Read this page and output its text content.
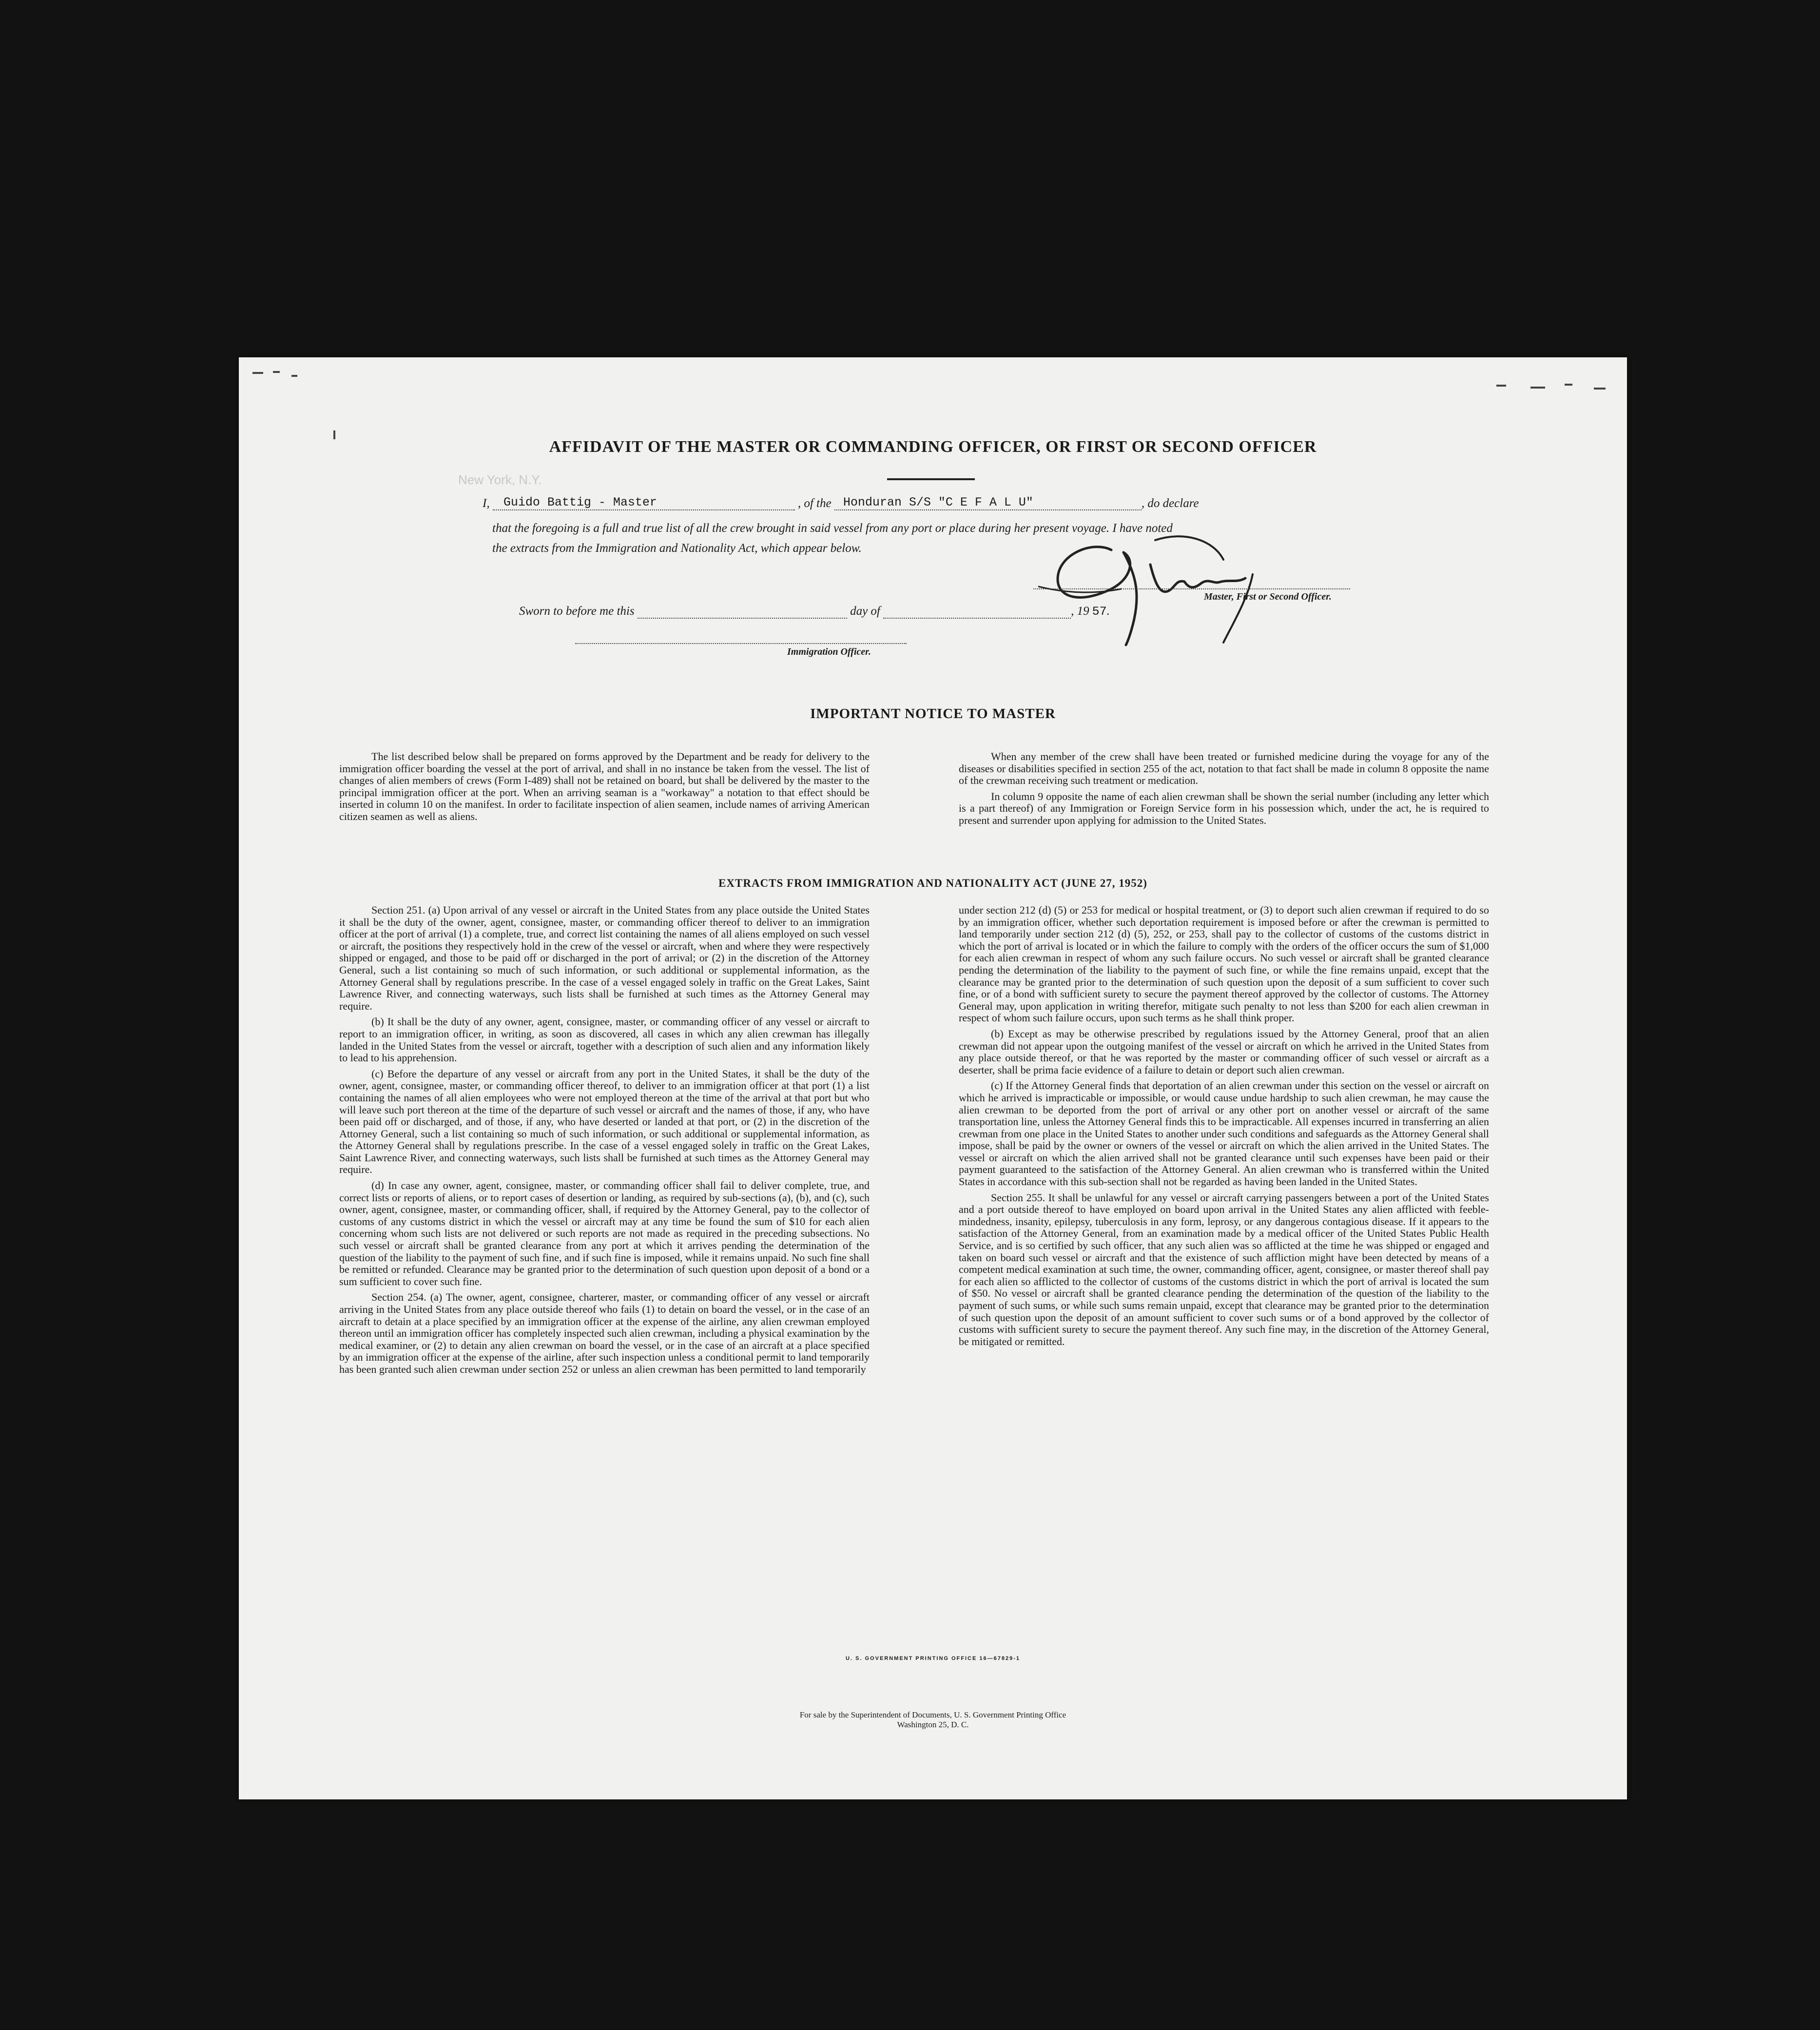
New York, N.Y.
AFFIDAVIT OF THE MASTER OR COMMANDING OFFICER, OR FIRST OR SECOND OFFICER
I, Guido Battig - Master	, of the Honduran S/S "C E F A L U"	, do declare
that the foregoing is a full and true list of all the crew brought in said vessel from any port or place during her present voyage. I have noted
the extracts from the Immigration and Nationality Act, which appear below.
Master, First or Second Officer.
Sworn to before me this	day of	, 19 57.
Immigration Officer.
IMPORTANT NOTICE TO MASTER

The list described below shall be prepared on forms approved by the Department and be ready for delivery to the immigration officer boarding the vessel at the port of arrival, and shall in no instance be taken from the vessel. The list of changes of alien members of crews (Form I-489) shall not be retained on board, but shall be delivered by the master to the principal immigration officer at the port. When an arriving seaman is a "workaway" a notation to that effect should be inserted in column 10 on the manifest. In order to facilitate inspection of alien seamen, include names of arriving American citizen seamen as well as aliens.

When any member of the crew shall have been treated or furnished medicine during the voyage for any of the diseases or disabilities specified in section 255 of the act, notation to that fact shall be made in column 8 opposite the name of the crewman receiving such treatment or medication.

In column 9 opposite the name of each alien crewman shall be shown the serial number (including any letter which is a part thereof) of any Immigration or Foreign Service form in his possession which, under the act, he is required to present and surrender upon applying for admission to the United States.

EXTRACTS FROM IMMIGRATION AND NATIONALITY ACT (JUNE 27, 1952)

Section 251. (a) Upon arrival of any vessel or aircraft in the United States from any place outside the United States it shall be the duty of the owner, agent, consignee, master, or commanding officer thereof to deliver to an immigration officer at the port of arrival (1) a complete, true, and correct list containing the names of all aliens employed on such vessel or aircraft, the positions they respectively hold in the crew of the vessel or aircraft, when and where they were respectively shipped or engaged, and those to be paid off or discharged in the port of arrival; or (2) in the discretion of the Attorney General, such a list containing so much of such information, or such additional or supplemental information, as the Attorney General shall by regulations prescribe. In the case of a vessel engaged solely in traffic on the Great Lakes, Saint Lawrence River, and connecting waterways, such lists shall be furnished at such times as the Attorney General may require.

(b) It shall be the duty of any owner, agent, consignee, master, or commanding officer of any vessel or aircraft to report to an immigration officer, in writing, as soon as discovered, all cases in which any alien crewman has illegally landed in the United States from the vessel or aircraft, together with a description of such alien and any information likely to lead to his apprehension.

(c) Before the departure of any vessel or aircraft from any port in the United States, it shall be the duty of the owner, agent, consignee, master, or commanding officer thereof, to deliver to an immigration officer at that port (1) a list containing the names of all alien employees who were not employed thereon at the time of the arrival at that port but who will leave such port thereon at the time of the departure of such vessel or aircraft and the names of those, if any, who have been paid off or discharged, and of those, if any, who have deserted or landed at that port, or (2) in the discretion of the Attorney General, such a list containing so much of such information, or such additional or supplemental information, as the Attorney General shall by regulations prescribe. In the case of a vessel engaged solely in traffic on the Great Lakes, Saint Lawrence River, and connecting waterways, such lists shall be furnished at such times as the Attorney General may require.

(d) In case any owner, agent, consignee, master, or commanding officer shall fail to deliver complete, true, and correct lists or reports of aliens, or to report cases of desertion or landing, as required by sub-sections (a), (b), and (c), such owner, agent, consignee, master, or commanding officer, shall, if required by the Attorney General, pay to the collector of customs of any customs district in which the vessel or aircraft may at any time be found the sum of $10 for each alien concerning whom such lists are not delivered or such reports are not made as required in the preceding subsections. No such vessel or aircraft shall be granted clearance from any port at which it arrives pending the determination of the question of the liability to the payment of such fine, and if such fine is imposed, while it remains unpaid. No such fine shall be remitted or refunded. Clearance may be granted prior to the determination of such question upon deposit of a bond or a sum sufficient to cover such fine.

Section 254. (a) The owner, agent, consignee, charterer, master, or commanding officer of any vessel or aircraft arriving in the United States from any place outside thereof who fails (1) to detain on board the vessel, or in the case of an aircraft to detain at a place specified by an immigration officer at the expense of the airline, any alien crewman employed thereon until an immigration officer has completely inspected such alien crewman, including a physical examination by the medical examiner, or (2) to detain any alien crewman on board the vessel, or in the case of an aircraft at a place specified by an immigration officer at the expense of the airline, after such inspection unless a conditional permit to land temporarily has been granted such alien crewman under section 252 or unless an alien crewman has been permitted to land temporarily

under section 212 (d) (5) or 253 for medical or hospital treatment, or (3) to deport such alien crewman if required to do so by an immigration officer, whether such deportation requirement is imposed before or after the crewman is permitted to land temporarily under section 212 (d) (5), 252, or 253, shall pay to the collector of customs of the customs district in which the port of arrival is located or in which the failure to comply with the orders of the officer occurs the sum of $1,000 for each alien crewman in respect of whom any such failure occurs. No such vessel or aircraft shall be granted clearance pending the determination of the liability to the payment of such fine, or while the fine remains unpaid, except that the clearance may be granted prior to the determination of such question upon the deposit of a sum sufficient to cover such fine, or of a bond with sufficient surety to secure the payment thereof approved by the collector of customs. The Attorney General may, upon application in writing therefor, mitigate such penalty to not less than $200 for each alien crewman in respect of whom such failure occurs, upon such terms as he shall think proper.

(b) Except as may be otherwise prescribed by regulations issued by the Attorney General, proof that an alien crewman did not appear upon the outgoing manifest of the vessel or aircraft on which he arrived in the United States from any place outside thereof, or that he was reported by the master or commanding officer of such vessel or aircraft as a deserter, shall be prima facie evidence of a failure to detain or deport such alien crewman.

(c) If the Attorney General finds that deportation of an alien crewman under this section on the vessel or aircraft on which he arrived is impracticable or impossible, or would cause undue hardship to such alien crewman, he may cause the alien crewman to be deported from the port of arrival or any other port on another vessel or aircraft of the same transportation line, unless the Attorney General finds this to be impracticable. All expenses incurred in transferring an alien crewman from one place in the United States to another under such conditions and safeguards as the Attorney General shall impose, shall be paid by the owner or owners of the vessel or aircraft on which the alien arrived in the United States. The vessel or aircraft on which the alien arrived shall not be granted clearance until such expenses have been paid or their payment guaranteed to the satisfaction of the Attorney General. An alien crewman who is transferred within the United States in accordance with this sub-section shall not be regarded as having been landed in the United States.

Section 255. It shall be unlawful for any vessel or aircraft carrying passengers between a port of the United States and a port outside thereof to have employed on board upon arrival in the United States any alien afflicted with feeble-mindedness, insanity, epilepsy, tuberculosis in any form, leprosy, or any dangerous contagious disease. If it appears to the satisfaction of the Attorney General, from an examination made by a medical officer of the United States Public Health Service, and is so certified by such officer, that any such alien was so afflicted at the time he was shipped or engaged and taken on board such vessel or aircraft and that the existence of such affliction might have been detected by means of a competent medical examination at such time, the owner, commanding officer, agent, consignee, or master thereof shall pay for each alien so afflicted to the collector of customs of the customs district in which the port of arrival is located the sum of $50. No vessel or aircraft shall be granted clearance pending the determination of the question of the liability to the payment of such sums, or while such sums remain unpaid, except that clearance may be granted prior to the determination of such question upon the deposit of an amount sufficient to cover such sums or of a bond approved by the collector of customs with sufficient surety to secure the payment thereof. Any such fine may, in the discretion of the Attorney General, be mitigated or remitted.

U. S. GOVERNMENT PRINTING OFFICE 16—67829-1
For sale by the Superintendent of Documents, U. S. Government Printing Office
Washington 25, D. C.
